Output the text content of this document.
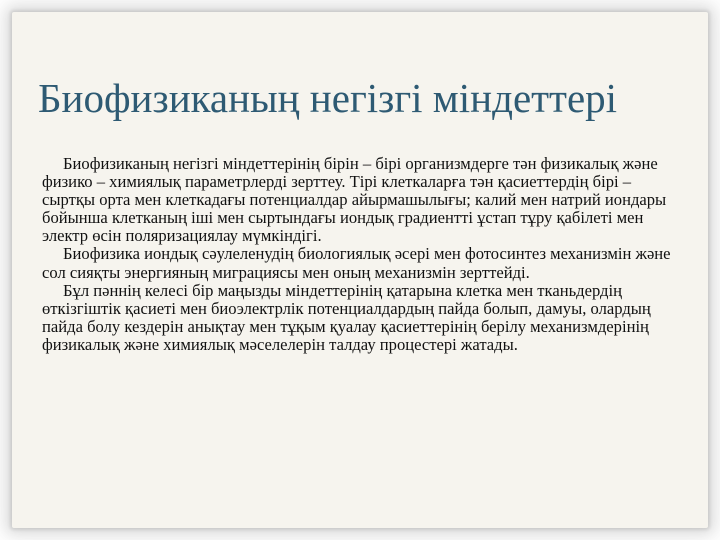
Биофизиканың негізгі міндеттері

Биофизиканың негізгі міндеттерінің бірін – бірі организмдерге тән физикалық және физико – химиялық параметрлерді зерттеу. Тірі клеткаларға тән қасиеттердің бірі – сыртқы орта мен клеткадағы потенциалдар айырмашылығы; калий мен натрий иондары бойынша клетканың іші мен сыртындағы иондық градиентті ұстап тұру қабілеті мен электр өсін поляризациялау мүмкіндігі.

Биофизика иондық сәулеленудің биологиялық әсері мен фотосинтез механизмін және сол сияқты энергияның миграциясы мен оның механизмін зерттейді.

Бұл пәннің келесі бір маңызды міндеттерінің қатарына клетка мен тканьдердің өткізгіштік қасиеті мен биоэлектрлік потенциалдардың пайда болып, дамуы, олардың пайда болу кездерін анықтау мен тұқым қуалау қасиеттерінің берілу механизмдерінің физикалық және химиялық мәселелерін талдау процестері жатады.
